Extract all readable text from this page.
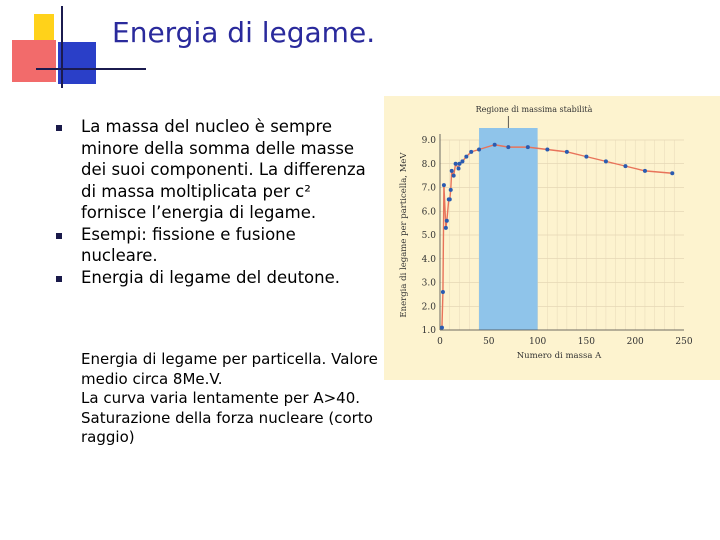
Energia di legame.
La massa del nucleo è sempre minore della somma delle masse dei suoi componenti. La differenza di massa moltiplicata per c² fornisce l’energia di legame.
Esempi: fissione e fusione nucleare.
Energia di legame del deutone.
Energia di legame per particella. Valore medio circa 8Me.V.
La curva varia lentamente per A>40.
Saturazione della forza nucleare (corto raggio)
1.0
2.0
3.0
4.0
5.0
6.0
7.0
8.0
9.0
0	50	100	150	200	250
Regione di massima stabilità
Energia di legame per particella, MeV
Numero di massa A
